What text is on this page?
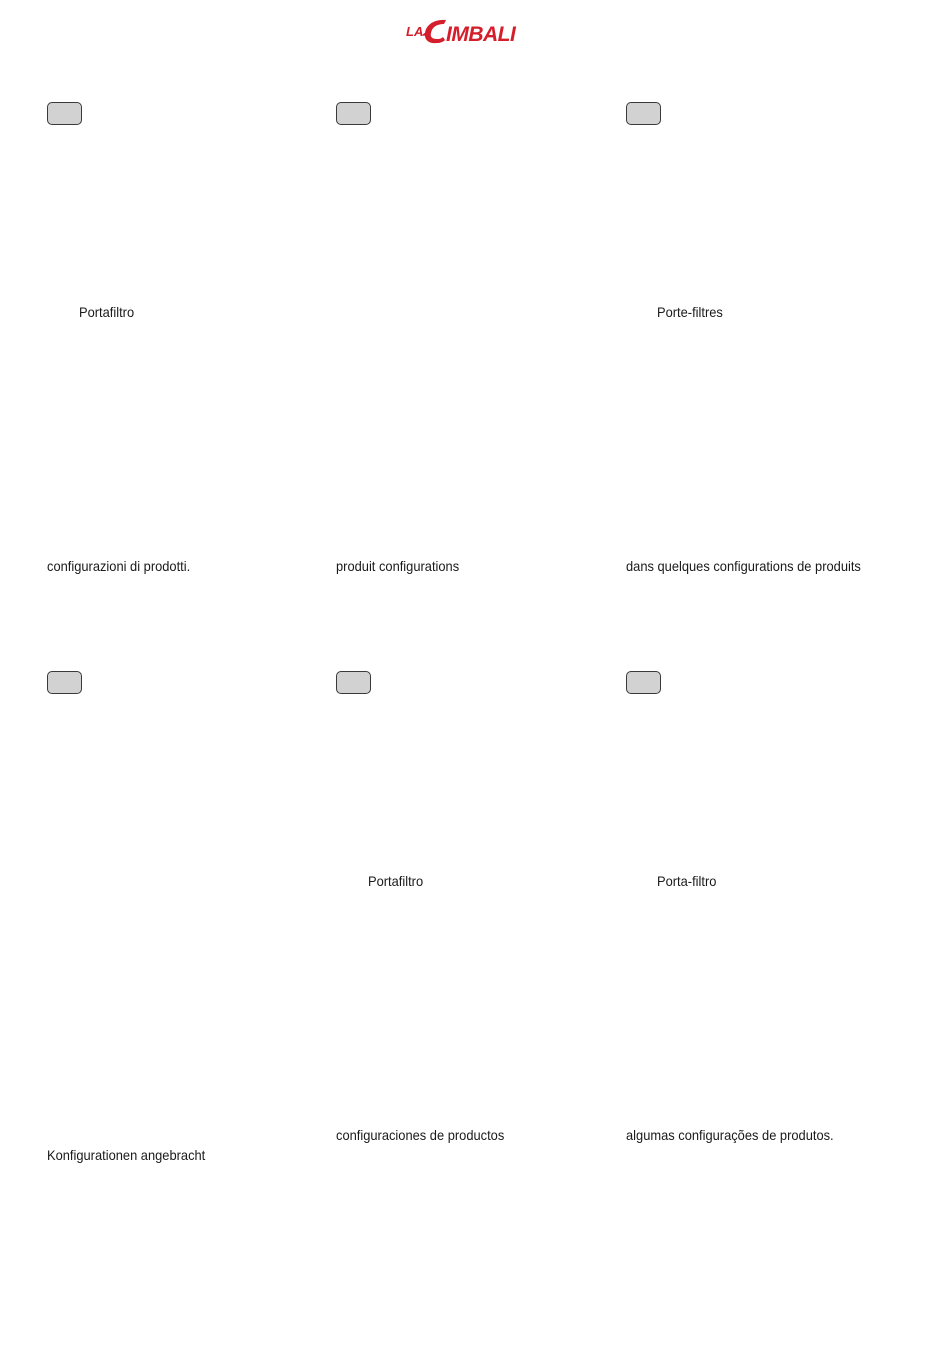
LA IMBALI
Portafiltro	Porte-filtres
configurazioni di prodotti.	produit configurations	dans quelques configurations de produits
Portafiltro	Porta-filtro
Konfigurationen angebracht
configuraciones de productos	algumas configurações de produtos.
